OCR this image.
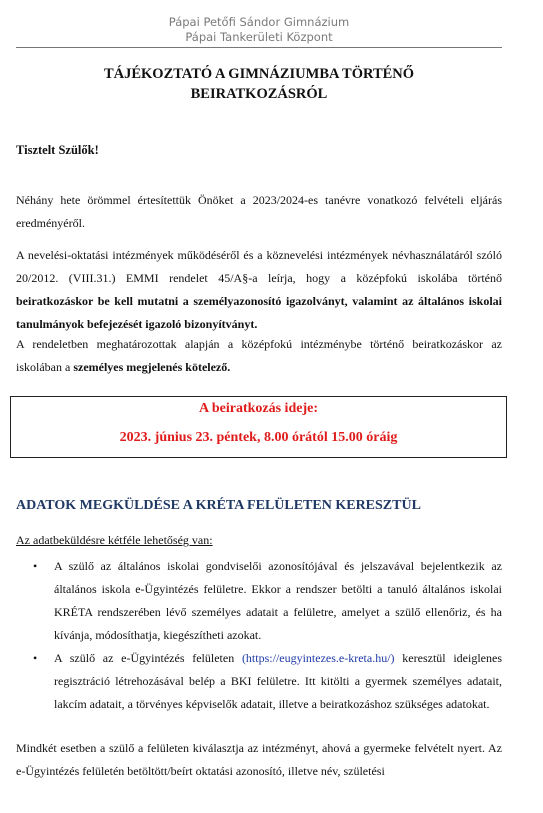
Pápai Petőfi Sándor Gimnázium
Pápai Tankerületi Központ
TÁJÉKOZTATÓ A GIMNÁZIUMBA TÖRTÉNŐ
BEIRATKOZÁSRÓL
Tisztelt Szülők!
Néhány hete örömmel értesítettük Önöket a 2023/2024-es tanévre vonatkozó felvételi eljárás eredményéről.
A nevelési-oktatási intézmények működéséről és a köznevelési intézmények névhasználatáról szóló 20/2012. (VIII.31.) EMMI rendelet 45/A§-a leírja, hogy a középfokú iskolába történő beiratkozáskor be kell mutatni a személyazonosító igazolványt, valamint az általános iskolai tanulmányok befejezését igazoló bizonyítványt.
A rendeletben meghatározottak alapján a középfokú intézménybe történő beiratkozáskor az iskolában a személyes megjelenés kötelező.
A beiratkozás ideje:
2023. június 23. péntek, 8.00 órától 15.00 óráig
ADATOK MEGKÜLDÉSE A KRÉTA FELÜLETEN KERESZTÜL
Az adatbeküldésre kétféle lehetőség van:
• A szülő az általános iskolai gondviselői azonosítójával és jelszavával bejelentkezik az általános iskola e-Ügyintézés felületre. Ekkor a rendszer betölti a tanuló általános iskolai KRÉTA rendszerében lévő személyes adatait a felületre, amelyet a szülő ellenőriz, és ha kívánja, módosíthatja, kiegészítheti azokat.
• A szülő az e-Ügyintézés felületen (https://eugyintezes.e-kreta.hu/) keresztül ideiglenes regisztráció létrehozásával belép a BKI felületre. Itt kitölti a gyermek személyes adatait, lakcím adatait, a törvényes képviselők adatait, illetve a beiratkozáshoz szükséges adatokat.
Mindkét esetben a szülő a felületen kiválasztja az intézményt, ahová a gyermeke felvételt nyert. Az e-Ügyintézés felületén betöltött/beírt oktatási azonosító, illetve név, születési
